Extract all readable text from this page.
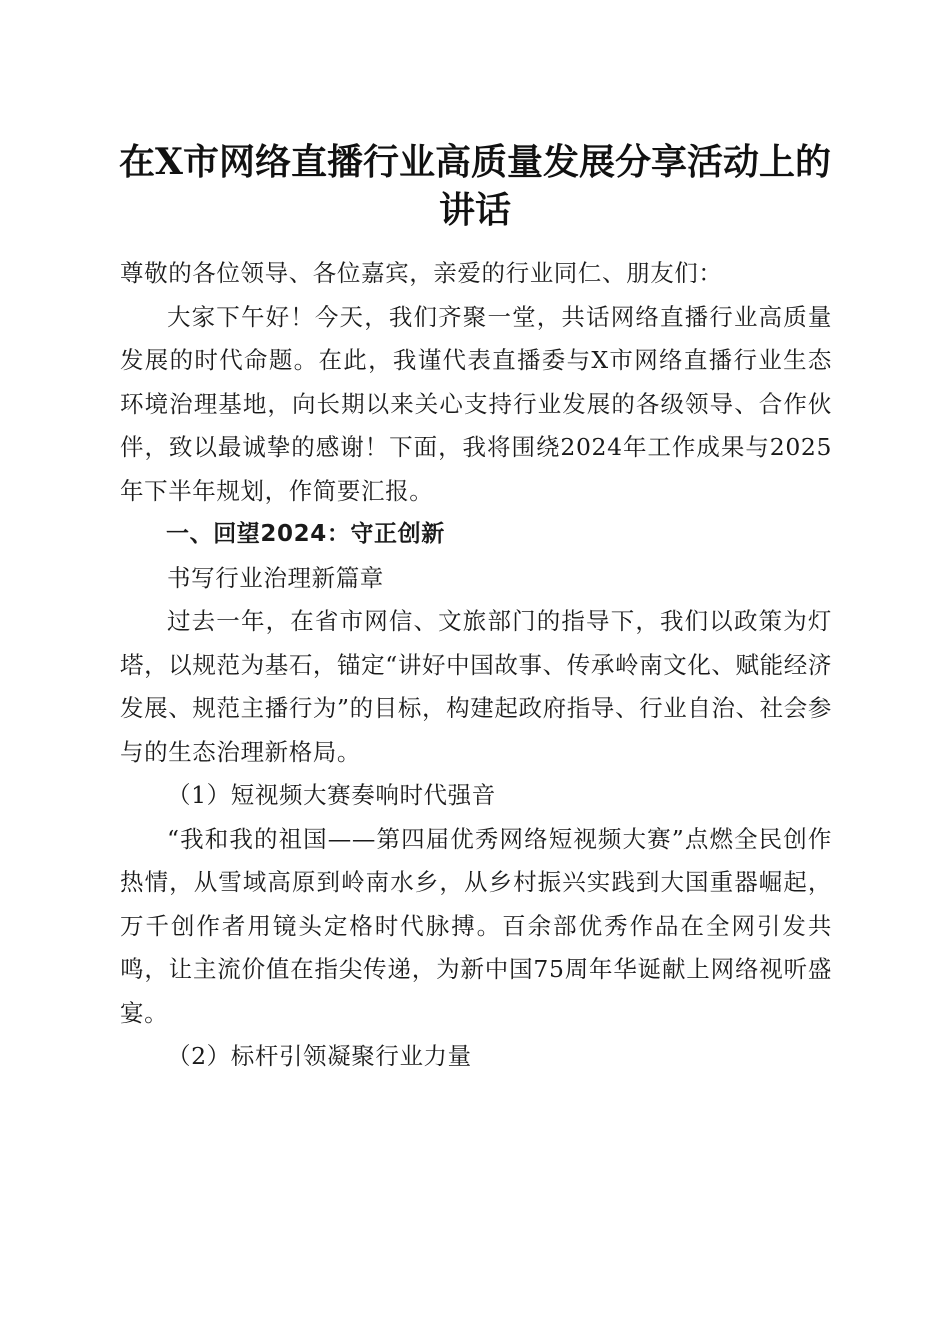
在X市网络直播行业高质量发展分享活动上的讲话

尊敬的各位领导、各位嘉宾，亲爱的行业同仁、朋友们：

大家下午好！今天，我们齐聚一堂，共话网络直播行业高质量发展的时代命题。在此，我谨代表直播委与X市网络直播行业生态环境治理基地，向长期以来关心支持行业发展的各级领导、合作伙伴，致以最诚挚的感谢！下面，我将围绕2024年工作成果与2025年下半年规划，作简要汇报。

一、回望2024：守正创新

书写行业治理新篇章

过去一年，在省市网信、文旅部门的指导下，我们以政策为灯塔，以规范为基石，锚定“讲好中国故事、传承岭南文化、赋能经济发展、规范主播行为”的目标，构建起政府指导、行业自治、社会参与的生态治理新格局。

（1）短视频大赛奏响时代强音

“我和我的祖国——第四届优秀网络短视频大赛”点燃全民创作热情，从雪域高原到岭南水乡，从乡村振兴实践到大国重器崛起，万千创作者用镜头定格时代脉搏。百余部优秀作品在全网引发共鸣，让主流价值在指尖传递，为新中国75周年华诞献上网络视听盛宴。

（2）标杆引领凝聚行业力量
